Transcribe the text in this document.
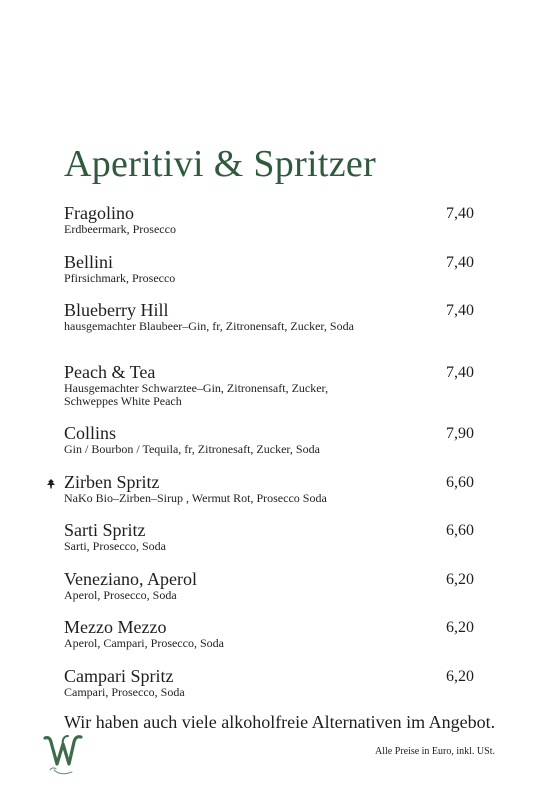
Aperitivi & Spritzer
Fragolino
Erdbeermark, Prosecco
7,40
Bellini
Pfirsichmark, Prosecco
7,40
Blueberry Hill
hausgemachter Blaubeer–Gin, fr, Zitronensaft, Zucker, Soda
7,40
Peach & Tea
Hausgemachter Schwarztee–Gin, Zitronensaft, Zucker, Schweppes White Peach
7,40
Collins
Gin / Bourbon / Tequila, fr, Zitronesaft, Zucker, Soda
7,90
Zirben Spritz
NaKo Bio–Zirben–Sirup , Wermut Rot, Prosecco Soda
6,60
Sarti Spritz
Sarti, Prosecco, Soda
6,60
Veneziano, Aperol
Aperol, Prosecco, Soda
6,20
Mezzo Mezzo
Aperol, Campari, Prosecco, Soda
6,20
Campari Spritz
Campari, Prosecco, Soda
6,20
Wir haben auch viele alkoholfreie Alternativen im Angebot.
Alle Preise in Euro, inkl. USt.
